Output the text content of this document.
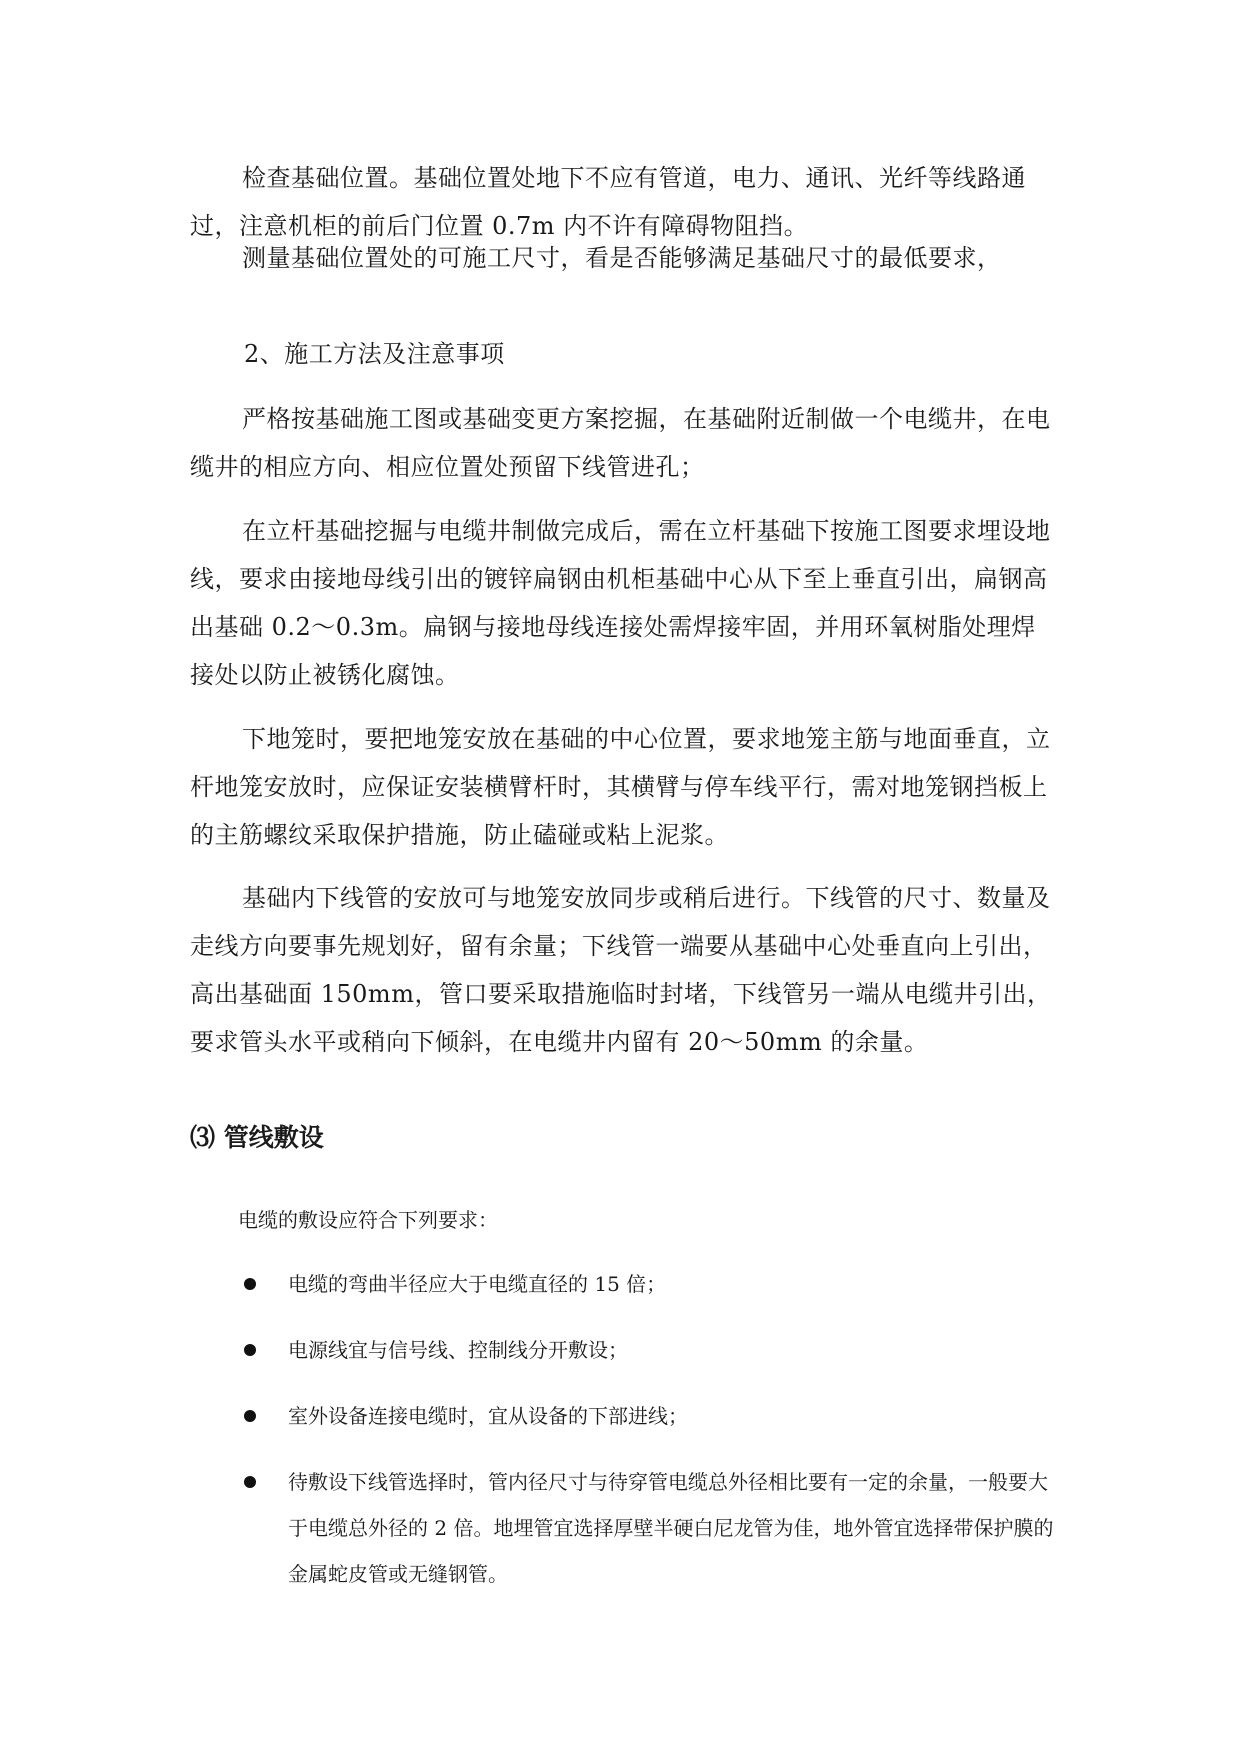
检查基础位置。基础位置处地下不应有管道，电力、通讯、光纤等线路通过，注意机柜的前后门位置 0.7m 内不许有障碍物阻挡。

测量基础位置处的可施工尺寸，看是否能够满足基础尺寸的最低要求，

2、施工方法及注意事项

严格按基础施工图或基础变更方案挖掘，在基础附近制做一个电缆井，在电缆井的相应方向、相应位置处预留下线管进孔；

在立杆基础挖掘与电缆井制做完成后，需在立杆基础下按施工图要求埋设地线，要求由接地母线引出的镀锌扁钢由机柜基础中心从下至上垂直引出，扁钢高出基础 0.2～0.3m。扁钢与接地母线连接处需焊接牢固，并用环氧树脂处理焊接处以防止被锈化腐蚀。

下地笼时，要把地笼安放在基础的中心位置，要求地笼主筋与地面垂直，立杆地笼安放时，应保证安装横臂杆时，其横臂与停车线平行，需对地笼钢挡板上的主筋螺纹采取保护措施，防止磕碰或粘上泥浆。

基础内下线管的安放可与地笼安放同步或稍后进行。下线管的尺寸、数量及走线方向要事先规划好，留有余量；下线管一端要从基础中心处垂直向上引出，高出基础面 150mm，管口要采取措施临时封堵，下线管另一端从电缆井引出，要求管头水平或稍向下倾斜，在电缆井内留有 20～50mm 的余量。

⑶ 管线敷设

电缆的敷设应符合下列要求：

电缆的弯曲半径应大于电缆直径的 15 倍；

电源线宜与信号线、控制线分开敷设；

室外设备连接电缆时，宜从设备的下部进线；

待敷设下线管选择时，管内径尺寸与待穿管电缆总外径相比要有一定的余量，一般要大于电缆总外径的 2 倍。地埋管宜选择厚壁半硬白尼龙管为佳，地外管宜选择带保护膜的金属蛇皮管或无缝钢管。
